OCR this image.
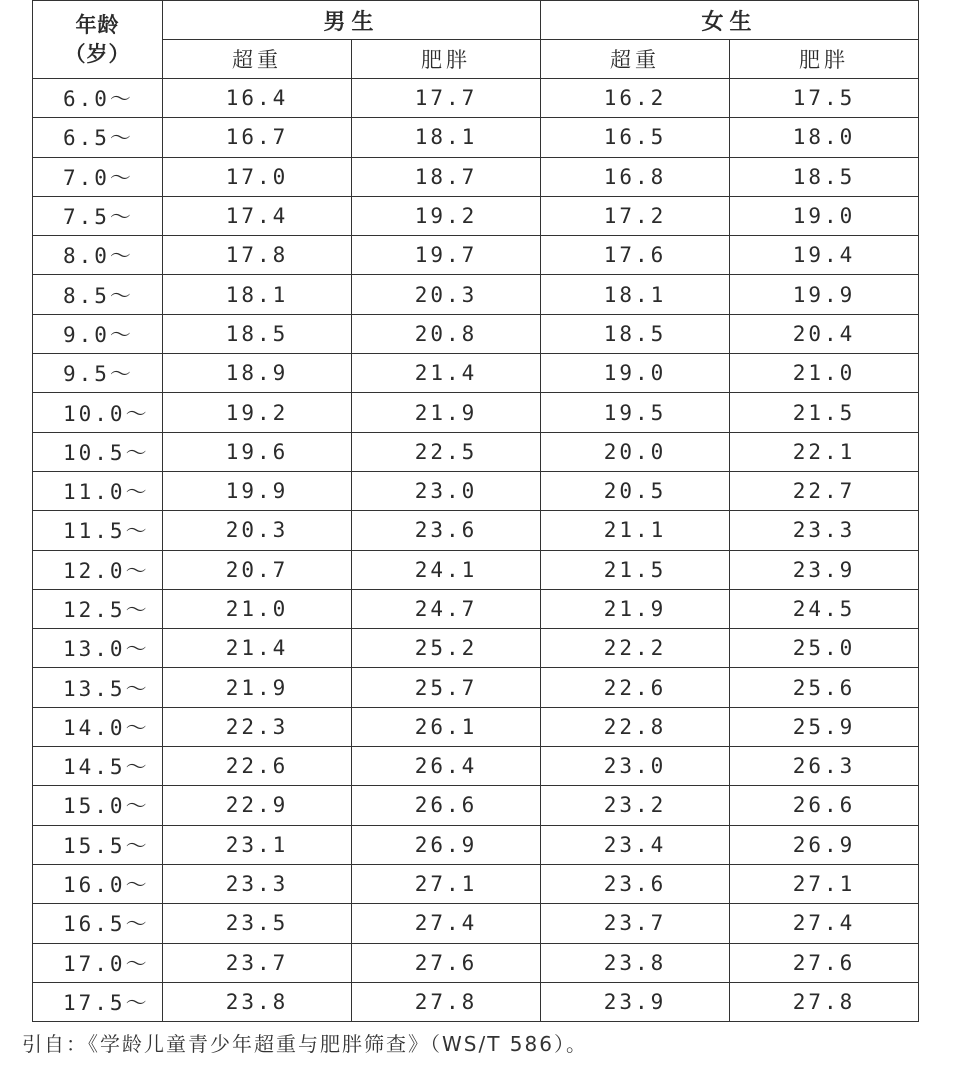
年龄
（岁）	男生		女生	
	超重	肥胖	超重	肥胖
6.0～	16.4	17.7	16.2	17.5
6.5～	16.7	18.1	16.5	18.0
7.0～	17.0	18.7	16.8	18.5
7.5～	17.4	19.2	17.2	19.0
8.0～	17.8	19.7	17.6	19.4
8.5～	18.1	20.3	18.1	19.9
9.0～	18.5	20.8	18.5	20.4
9.5～	18.9	21.4	19.0	21.0
10.0～	19.2	21.9	19.5	21.5
10.5～	19.6	22.5	20.0	22.1
11.0～	19.9	23.0	20.5	22.7
11.5～	20.3	23.6	21.1	23.3
12.0～	20.7	24.1	21.5	23.9
12.5～	21.0	24.7	21.9	24.5
13.0～	21.4	25.2	22.2	25.0
13.5～	21.9	25.7	22.6	25.6
14.0～	22.3	26.1	22.8	25.9
14.5～	22.6	26.4	23.0	26.3
15.0～	22.9	26.6	23.2	26.6
15.5～	23.1	26.9	23.4	26.9
16.0～	23.3	27.1	23.6	27.1
16.5～	23.5	27.4	23.7	27.4
17.0～	23.7	27.6	23.8	27.6
17.5～	23.8	27.8	23.9	27.8
引自：《学龄儿童青少年超重与肥胖筛查》（WS/T 586）。
